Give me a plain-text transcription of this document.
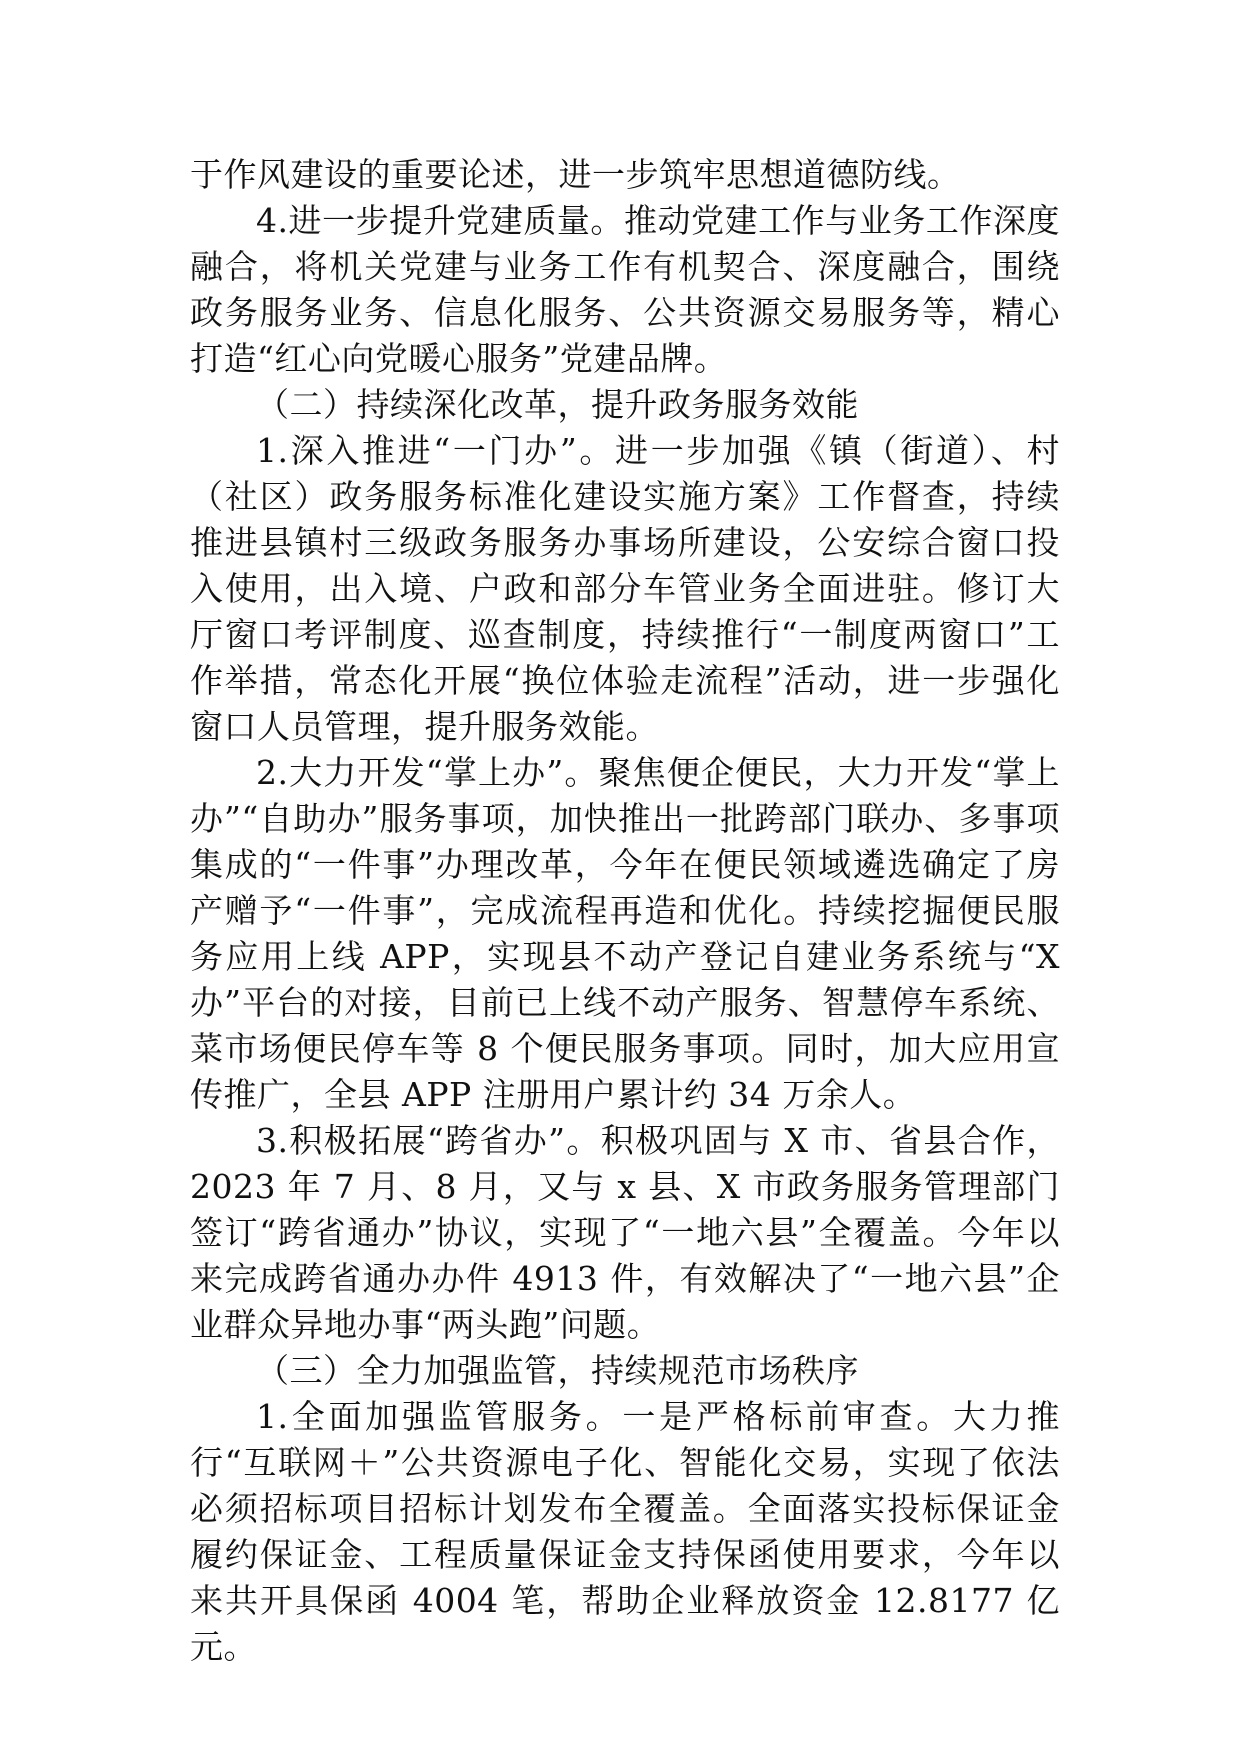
于作风建设的重要论述，进一步筑牢思想道德防线。

4.进一步提升党建质量。推动党建工作与业务工作深度融合，将机关党建与业务工作有机契合、深度融合，围绕政务服务业务、信息化服务、公共资源交易服务等，精心打造“红心向党暖心服务”党建品牌。

（二）持续深化改革，提升政务服务效能

1.深入推进“一门办”。进一步加强《镇（街道）、村（社区）政务服务标准化建设实施方案》工作督查，持续推进县镇村三级政务服务办事场所建设，公安综合窗口投入使用，出入境、户政和部分车管业务全面进驻。修订大厅窗口考评制度、巡查制度，持续推行“一制度两窗口”工作举措，常态化开展“换位体验走流程”活动，进一步强化窗口人员管理，提升服务效能。

2.大力开发“掌上办”。聚焦便企便民，大力开发“掌上办”“自助办”服务事项，加快推出一批跨部门联办、多事项集成的“一件事”办理改革，今年在便民领域遴选确定了房产赠予“一件事”，完成流程再造和优化。持续挖掘便民服务应用上线 APP，实现县不动产登记自建业务系统与“X 办”平台的对接，目前已上线不动产服务、智慧停车系统、菜市场便民停车等 8 个便民服务事项。同时，加大应用宣传推广，全县 APP 注册用户累计约 34 万余人。

3.积极拓展“跨省办”。积极巩固与 X 市、省县合作，2023 年 7 月、8 月，又与 x 县、X 市政务服务管理部门签订“跨省通办”协议，实现了“一地六县”全覆盖。今年以来完成跨省通办办件 4913 件，有效解决了“一地六县”企业群众异地办事“两头跑”问题。

（三）全力加强监管，持续规范市场秩序

1.全面加强监管服务。一是严格标前审查。大力推行“互联网＋”公共资源电子化、智能化交易，实现了依法必须招标项目招标计划发布全覆盖。全面落实投标保证金履约保证金、工程质量保证金支持保函使用要求，今年以来共开具保函 4004 笔，帮助企业释放资金 12.8177 亿元。
